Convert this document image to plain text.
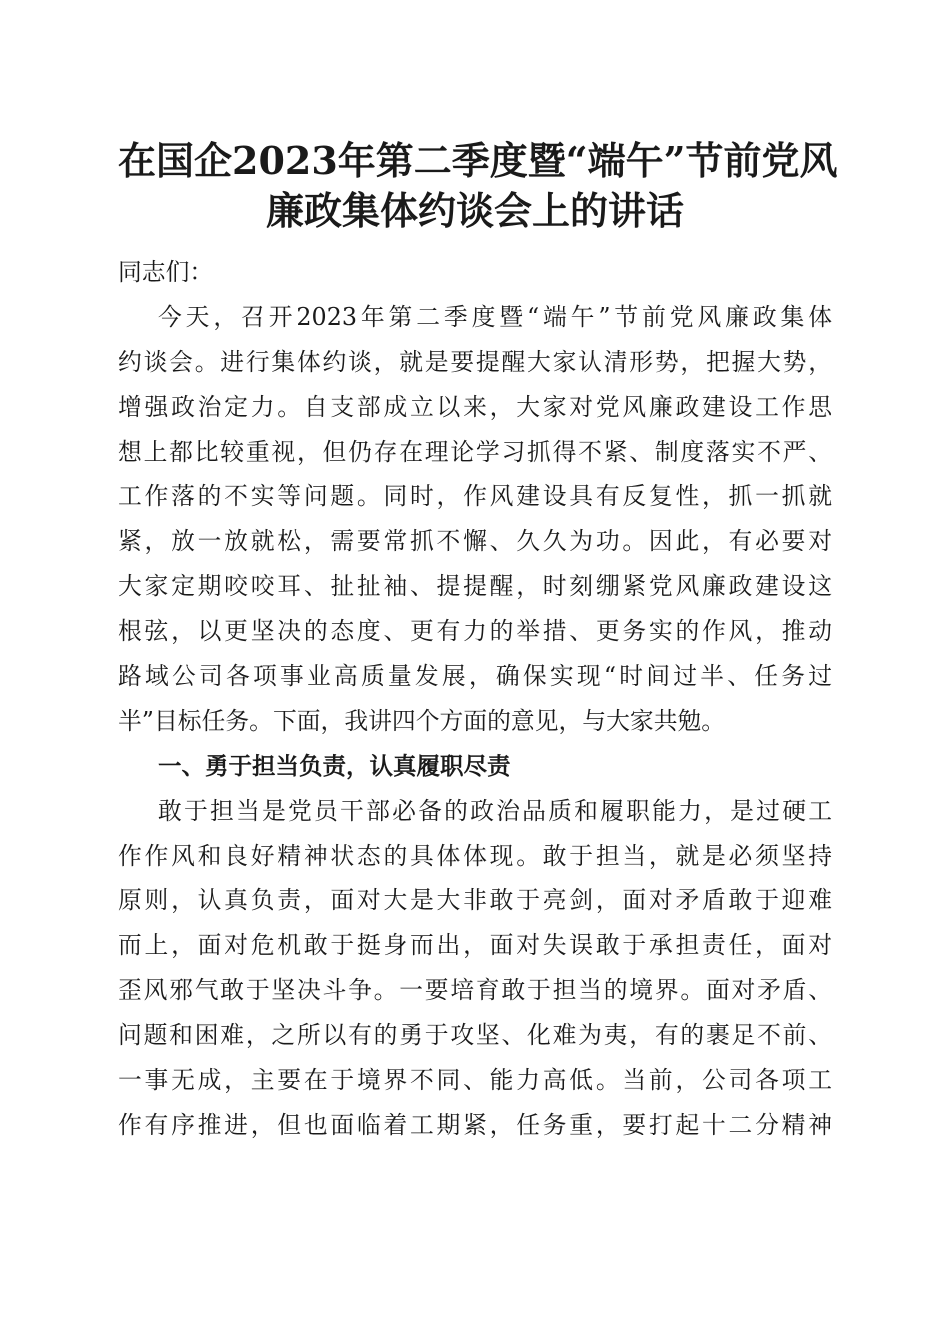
在国企2023年第二季度暨“端午”节前党风
廉政集体约谈会上的讲话
同志们：
今天，召开2023年第二季度暨“端午”节前党风廉政集体
约谈会。进行集体约谈，就是要提醒大家认清形势，把握大势，
增强政治定力。自支部成立以来，大家对党风廉政建设工作思
想上都比较重视，但仍存在理论学习抓得不紧、制度落实不严、
工作落的不实等问题。同时，作风建设具有反复性，抓一抓就
紧，放一放就松，需要常抓不懈、久久为功。因此，有必要对
大家定期咬咬耳、扯扯袖、提提醒，时刻绷紧党风廉政建设这
根弦，以更坚决的态度、更有力的举措、更务实的作风，推动
路域公司各项事业高质量发展，确保实现“时间过半、任务过
半”目标任务。下面，我讲四个方面的意见，与大家共勉。
一、勇于担当负责，认真履职尽责
敢于担当是党员干部必备的政治品质和履职能力，是过硬工
作作风和良好精神状态的具体体现。敢于担当，就是必须坚持
原则，认真负责，面对大是大非敢于亮剑，面对矛盾敢于迎难
而上，面对危机敢于挺身而出，面对失误敢于承担责任，面对
歪风邪气敢于坚决斗争。一要培育敢于担当的境界。面对矛盾、
问题和困难，之所以有的勇于攻坚、化难为夷，有的裹足不前、
一事无成，主要在于境界不同、能力高低。当前，公司各项工
作有序推进，但也面临着工期紧，任务重，要打起十二分精神
